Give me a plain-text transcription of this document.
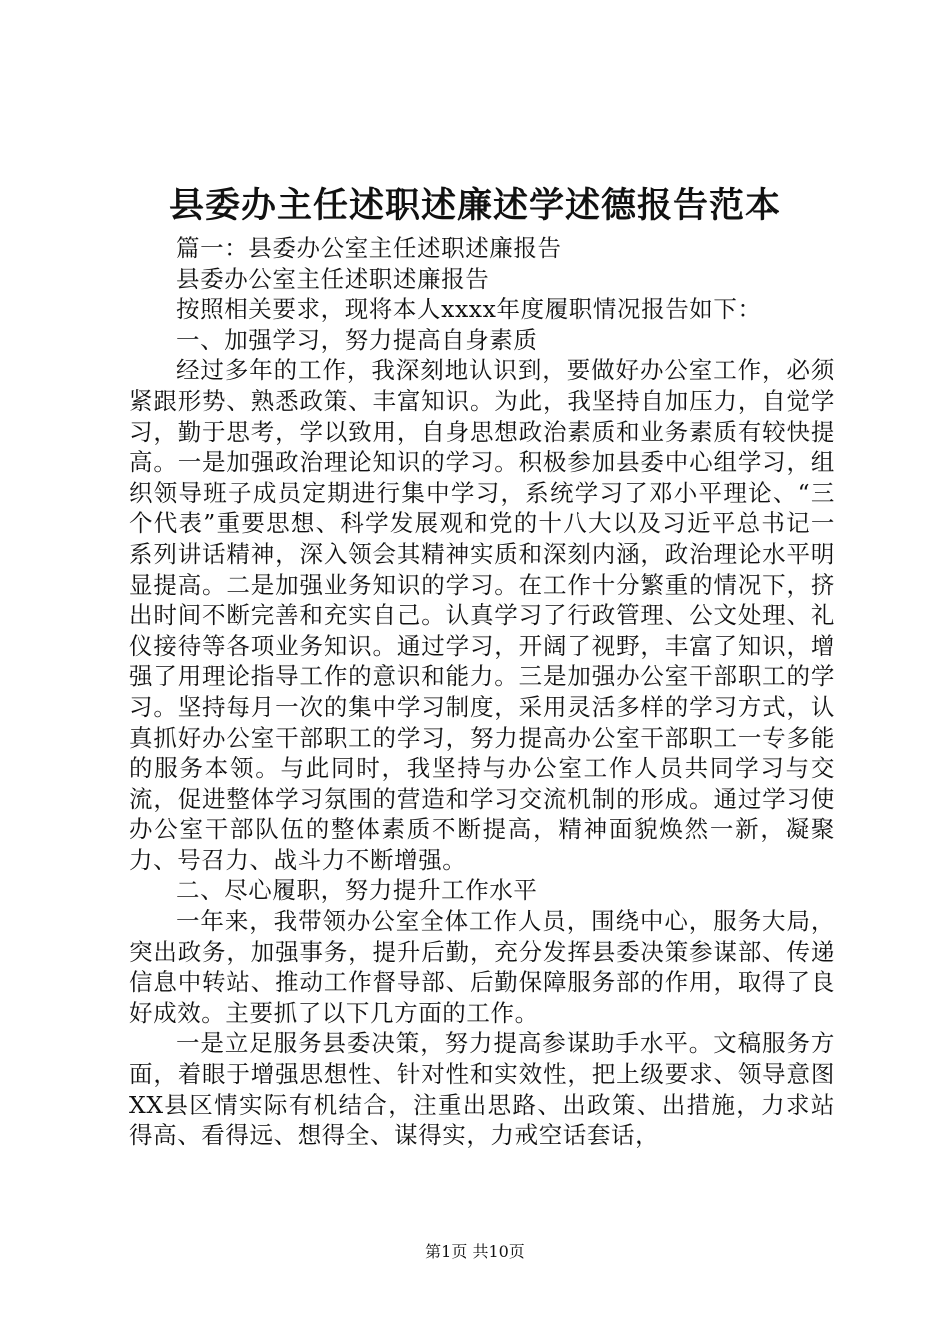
县委办主任述职述廉述学述德报告范本

篇一：县委办公室主任述职述廉报告

县委办公室主任述职述廉报告

按照相关要求，现将本人xxxx年度履职情况报告如下：

一、加强学习，努力提高自身素质

经过多年的工作，我深刻地认识到，要做好办公室工作，必须紧跟形势、熟悉政策、丰富知识。为此，我坚持自加压力，自觉学习，勤于思考，学以致用，自身思想政治素质和业务素质有较快提高。一是加强政治理论知识的学习。积极参加县委中心组学习，组织领导班子成员定期进行集中学习，系统学习了邓小平理论、“三个代表”重要思想、科学发展观和党的十八大以及习近平总书记一系列讲话精神，深入领会其精神实质和深刻内涵，政治理论水平明显提高。二是加强业务知识的学习。在工作十分繁重的情况下，挤出时间不断完善和充实自己。认真学习了行政管理、公文处理、礼仪接待等各项业务知识。通过学习，开阔了视野，丰富了知识，增强了用理论指导工作的意识和能力。三是加强办公室干部职工的学习。坚持每月一次的集中学习制度，采用灵活多样的学习方式，认真抓好办公室干部职工的学习，努力提高办公室干部职工一专多能的服务本领。与此同时，我坚持与办公室工作人员共同学习与交流，促进整体学习氛围的营造和学习交流机制的形成。通过学习使办公室干部队伍的整体素质不断提高，精神面貌焕然一新，凝聚力、号召力、战斗力不断增强。

二、尽心履职，努力提升工作水平

一年来，我带领办公室全体工作人员，围绕中心，服务大局，突出政务，加强事务，提升后勤，充分发挥县委决策参谋部、传递信息中转站、推动工作督导部、后勤保障服务部的作用，取得了良好成效。主要抓了以下几方面的工作。

一是立足服务县委决策，努力提高参谋助手水平。文稿服务方面，着眼于增强思想性、针对性和实效性，把上级要求、领导意图XX县区情实际有机结合，注重出思路、出政策、出措施，力求站得高、看得远、想得全、谋得实，力戒空话套话，

第1页 共10页
